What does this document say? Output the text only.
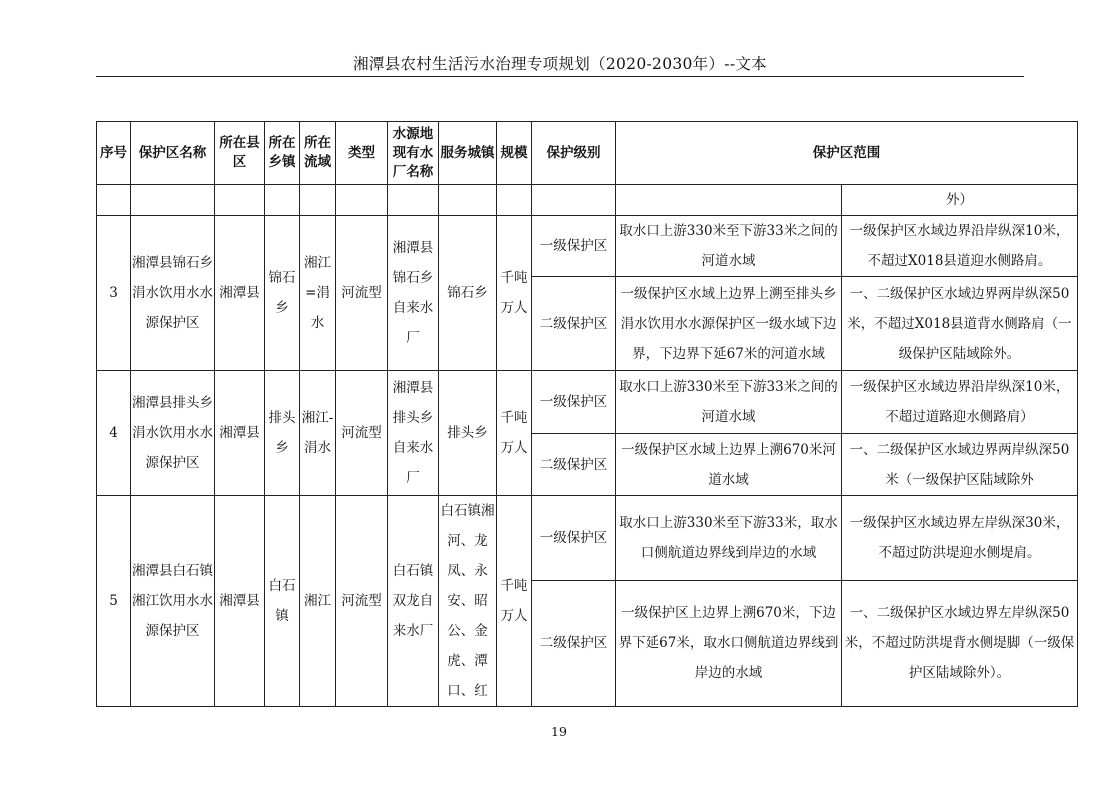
湘潭县农村生活污水治理专项规划（2020-2030年）--文本
序号	保护区名称	所在县区	所在乡镇	所在流域	类型	水源地现有水厂名称	服务城镇	规模	保护级别	保护区范围	
											外）
3	湘潭县锦石乡涓水饮用水水源保护区	湘潭县	锦石乡	湘江=涓水	河流型	湘潭县锦石乡自来水厂	锦石乡	千吨万人	一级保护区	取水口上游330米至下游33米之间的河道水域	一级保护区水域边界沿岸纵深10米，不超过X018县道迎水侧路肩。
									二级保护区	一级保护区水域上边界上溯至排头乡涓水饮用水水源保护区一级水域下边界，下边界下延67米的河道水域	一、二级保护区水域边界两岸纵深50米，不超过X018县道背水侧路肩（一级保护区陆域除外。
4	湘潭县排头乡涓水饮用水水源保护区	湘潭县	排头乡	湘江-涓水	河流型	湘潭县排头乡自来水厂	排头乡	千吨万人	一级保护区	取水口上游330米至下游33米之间的河道水域	一级保护区水域边界沿岸纵深10米，不超过道路迎水侧路肩）
									二级保护区	一级保护区水域上边界上溯670米河道水域	一、二级保护区水域边界两岸纵深50米（一级保护区陆域除外
5	湘潭县白石镇湘江饮用水水源保护区	湘潭县	白石镇	湘江	河流型	白石镇双龙自来水厂	白石镇湘河、龙凤、永安、昭公、金虎、潭口、红	千吨万人	一级保护区	取水口上游330米至下游33米，取水口侧航道边界线到岸边的水域	一级保护区水域边界左岸纵深30米，不超过防洪堤迎水侧堤肩。
									二级保护区	一级保护区上边界上溯670米，下边界下延67米，取水口侧航道边界线到岸边的水域	一、二级保护区水域边界左岸纵深50米，不超过防洪堤背水侧堤脚（一级保护区陆域除外）。
19
